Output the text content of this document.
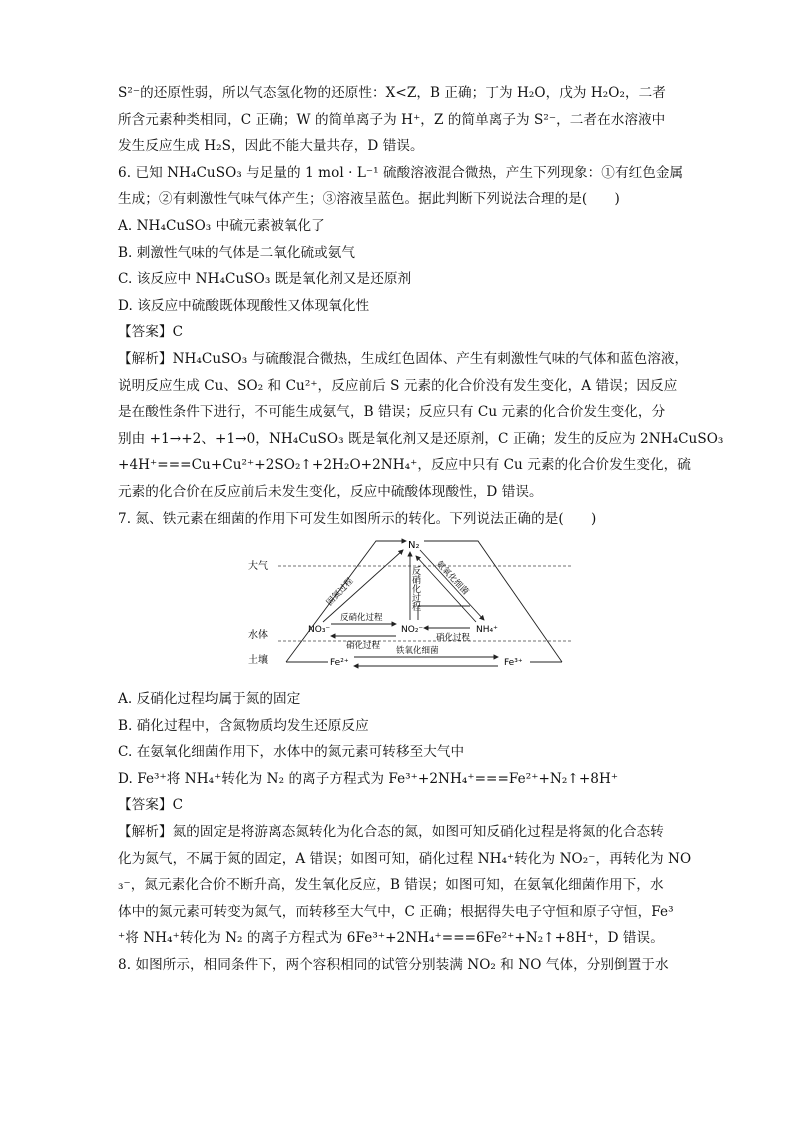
S²⁻的还原性弱，所以气态氢化物的还原性：X<Z，B 正确；丁为 H₂O，戊为 H₂O₂，二者

所含元素种类相同，C 正确；W 的简单离子为 H⁺，Z 的简单离子为 S²⁻，二者在水溶液中

发生反应生成 H₂S，因此不能大量共存，D 错误。

6. 已知 NH₄CuSO₃ 与足量的 1 mol · L⁻¹ 硫酸溶液混合微热，产生下列现象：①有红色金属

生成；②有刺激性气味气体产生；③溶液呈蓝色。据此判断下列说法合理的是(　　)

A. NH₄CuSO₃ 中硫元素被氧化了

B. 刺激性气味的气体是二氧化硫或氨气

C. 该反应中 NH₄CuSO₃ 既是氧化剂又是还原剂

D. 该反应中硫酸既体现酸性又体现氧化性

【答案】C

【解析】NH₄CuSO₃ 与硫酸混合微热，生成红色固体、产生有刺激性气味的气体和蓝色溶液，

说明反应生成 Cu、SO₂ 和 Cu²⁺，反应前后 S 元素的化合价没有发生变化，A 错误；因反应

是在酸性条件下进行，不可能生成氨气，B 错误；反应只有 Cu 元素的化合价发生变化，分

别由 +1→+2、+1→0，NH₄CuSO₃ 既是氧化剂又是还原剂，C 正确；发生的反应为 2NH₄CuSO₃

+4H⁺===Cu+Cu²⁺+2SO₂↑+2H₂O+2NH₄⁺，反应中只有 Cu 元素的化合价发生变化，硫

元素的化合价在反应前后未发生变化，反应中硫酸体现酸性，D 错误。

7. 氮、铁元素在细菌的作用下可发生如图所示的转化。下列说法正确的是(　　)

大气
水体
土壤
N₂
固氮过程	反硝化过程 氨氧化细菌
NO₃⁻	NO₂⁻	NH₄⁺
反硝化过程
硝化过程
硝化过程
Fe²⁺	Fe³⁺
铁氧化细菌

A. 反硝化过程均属于氮的固定

B. 硝化过程中，含氮物质均发生还原反应

C. 在氨氧化细菌作用下，水体中的氮元素可转移至大气中

D. Fe³⁺将 NH₄⁺转化为 N₂ 的离子方程式为 Fe³⁺+2NH₄⁺===Fe²⁺+N₂↑+8H⁺

【答案】C

【解析】氮的固定是将游离态氮转化为化合态的氮，如图可知反硝化过程是将氮的化合态转

化为氮气，不属于氮的固定，A 错误；如图可知，硝化过程 NH₄⁺转化为 NO₂⁻，再转化为 NO

₃⁻，氮元素化合价不断升高，发生氧化反应，B 错误；如图可知，在氨氧化细菌作用下，水

体中的氮元素可转变为氮气，而转移至大气中，C 正确；根据得失电子守恒和原子守恒，Fe³

⁺将 NH₄⁺转化为 N₂ 的离子方程式为 6Fe³⁺+2NH₄⁺===6Fe²⁺+N₂↑+8H⁺，D 错误。

8. 如图所示，相同条件下，两个容积相同的试管分别装满 NO₂ 和 NO 气体，分别倒置于水
